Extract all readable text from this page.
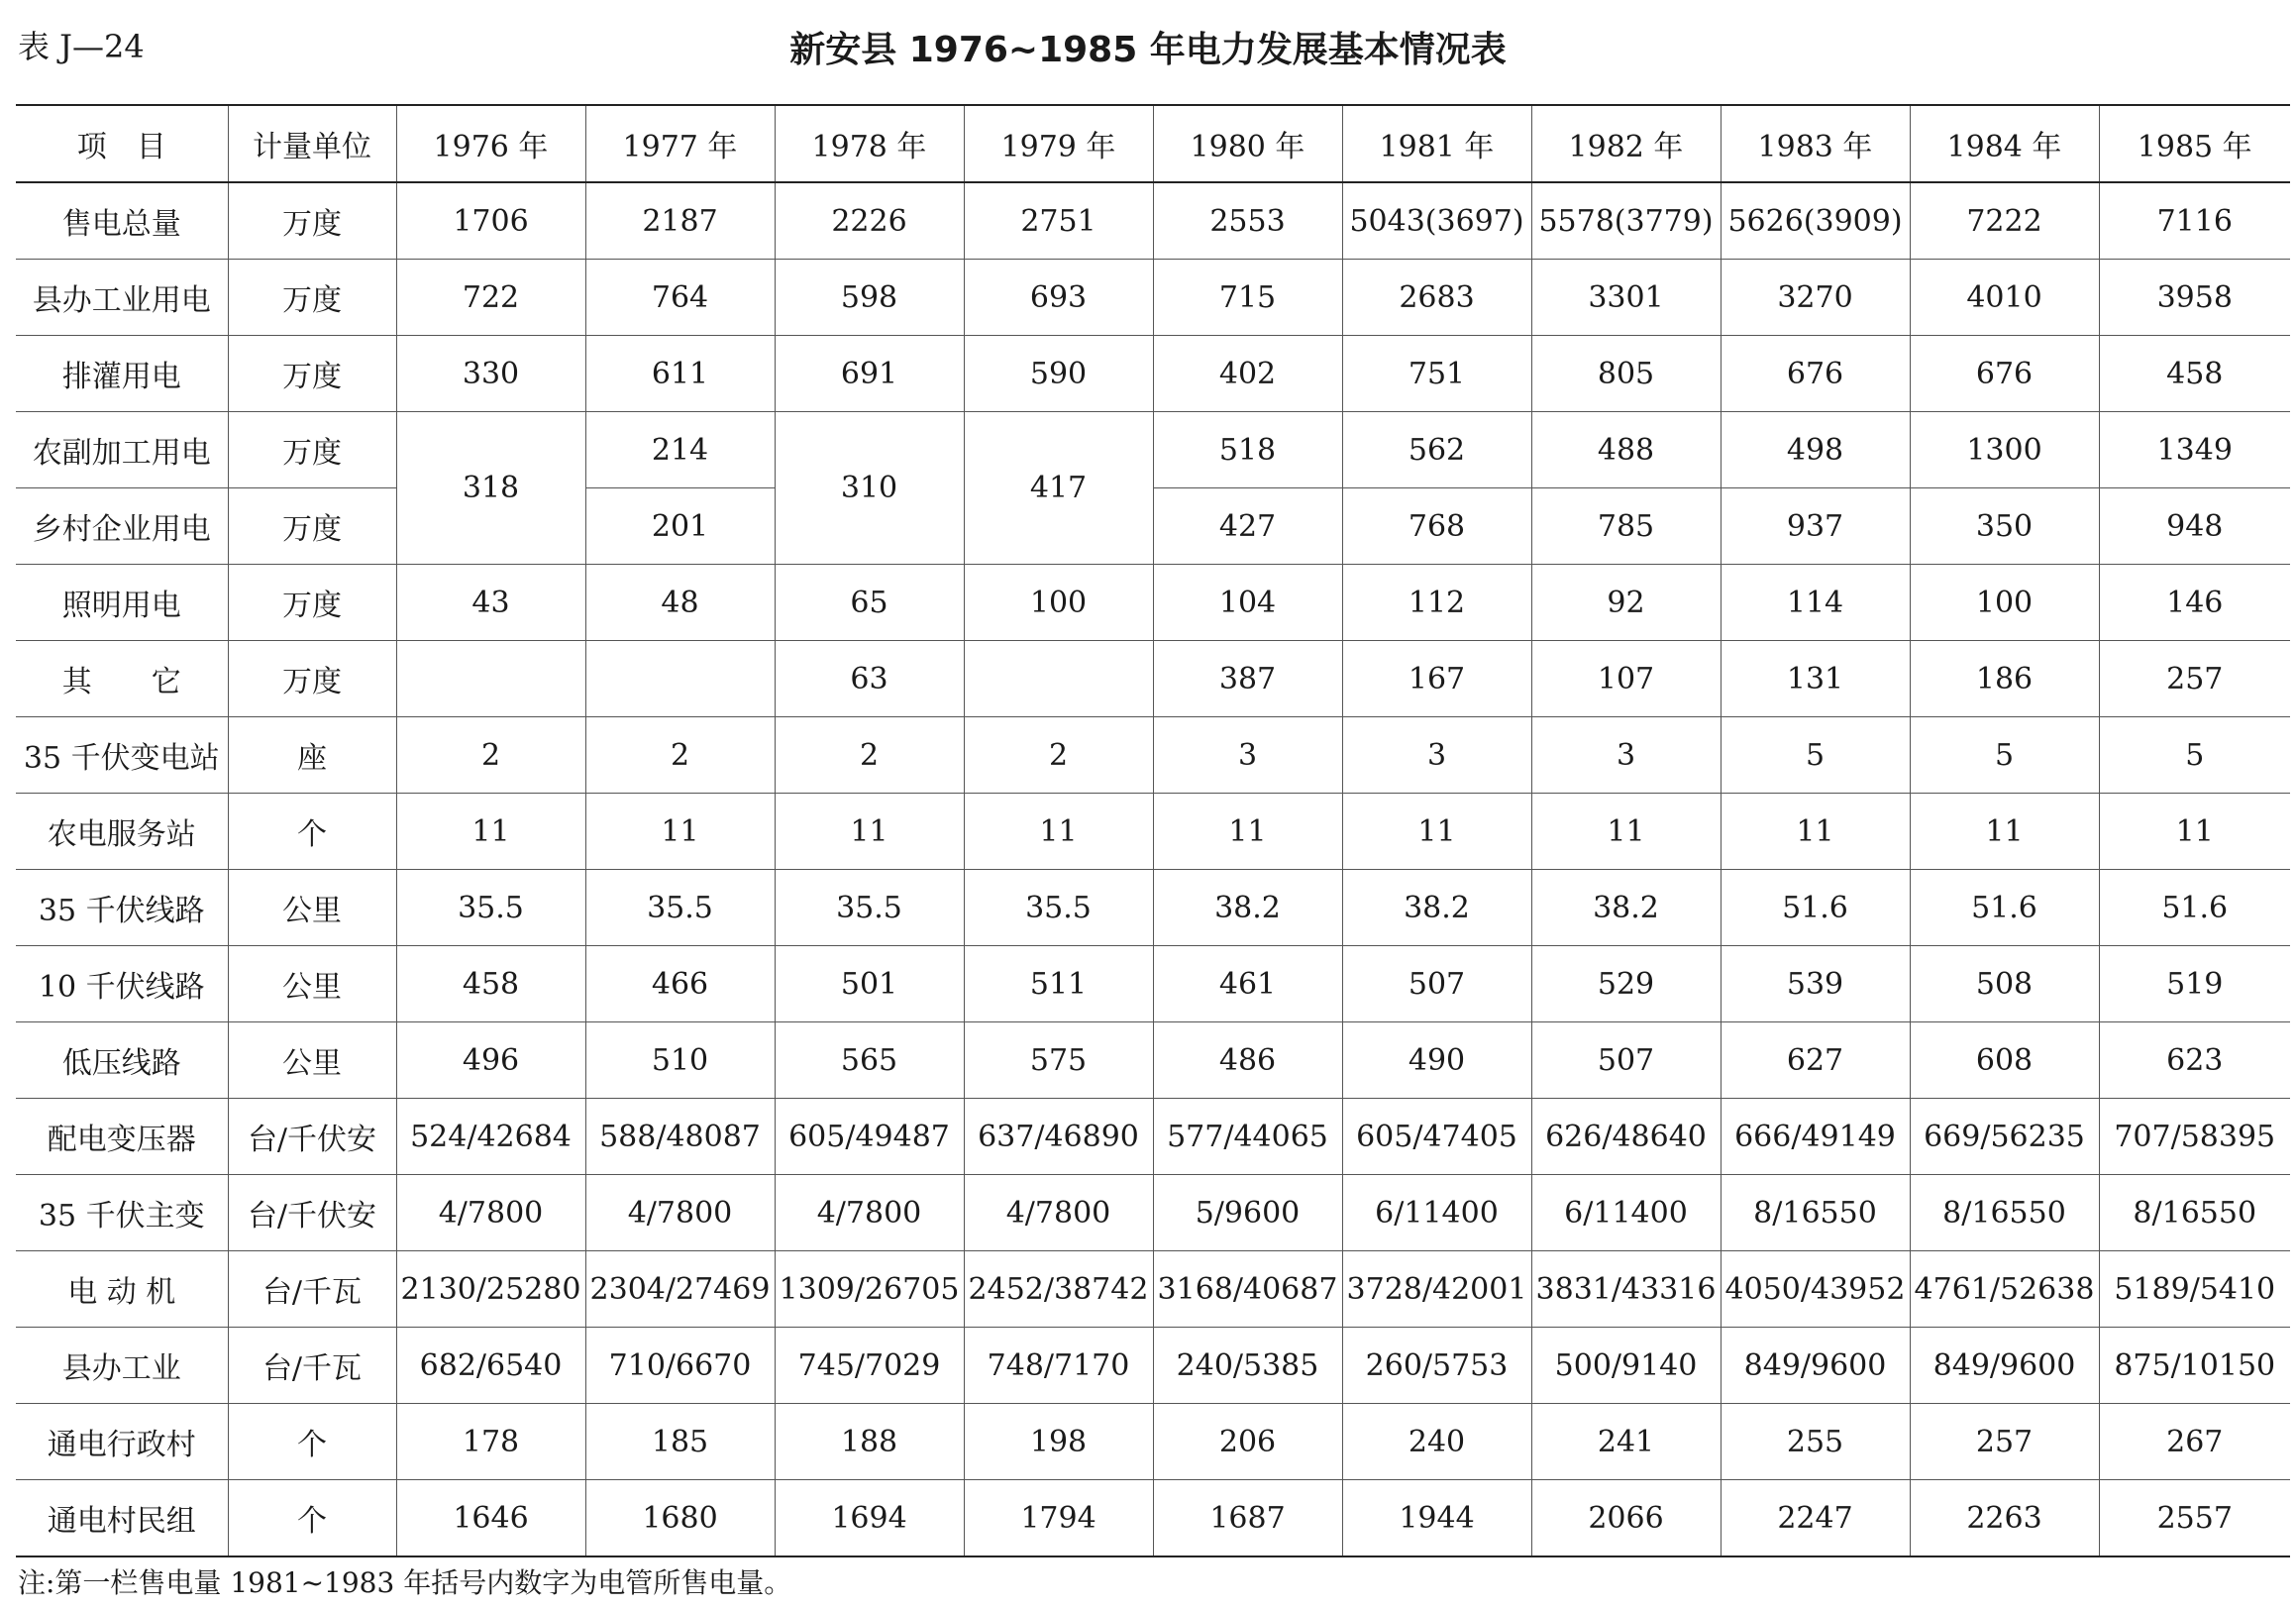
表 J—24	新安县 1976~1985 年电力发展基本情况表
项　目	计量单位	1976 年	1977 年	1978 年	1979 年	1980 年	1981 年	1982 年	1983 年	1984 年	1985 年
售电总量	万度	1706	2187	2226	2751	2553	5043(3697)	5578(3779)	5626(3909)	7222	7116
县办工业用电	万度	722	764	598	693	715	2683	3301	3270	4010	3958
排灌用电	万度	330	611	691	590	402	751	805	676	676	458
农副加工用电	万度	318	214	310	417	518	562	488	498	1300	1349
乡村企业用电	万度		201			427	768	785	937	350	948
照明用电	万度	43	48	65	100	104	112	92	114	100	146
其　　它	万度			63		387	167	107	131	186	257
35 千伏变电站	座	2	2	2	2	3	3	3	5	5	5
农电服务站	个	11	11	11	11	11	11	11	11	11	11
35 千伏线路	公里	35.5	35.5	35.5	35.5	38.2	38.2	38.2	51.6	51.6	51.6
10 千伏线路	公里	458	466	501	511	461	507	529	539	508	519
低压线路	公里	496	510	565	575	486	490	507	627	608	623
配电变压器	台/千伏安	524/42684	588/48087	605/49487	637/46890	577/44065	605/47405	626/48640	666/49149	669/56235	707/58395
35 千伏主变	台/千伏安	4/7800	4/7800	4/7800	4/7800	5/9600	6/11400	6/11400	8/16550	8/16550	8/16550
电 动 机	台/千瓦	2130/25280	2304/27469	1309/26705	2452/38742	3168/40687	3728/42001	3831/43316	4050/43952	4761/52638	5189/5410
县办工业	台/千瓦	682/6540	710/6670	745/7029	748/7170	240/5385	260/5753	500/9140	849/9600	849/9600	875/10150
通电行政村	个	178	185	188	198	206	240	241	255	257	267
通电村民组	个	1646	1680	1694	1794	1687	1944	2066	2247	2263	2557
注:第一栏售电量 1981~1983 年括号内数字为电管所售电量。
